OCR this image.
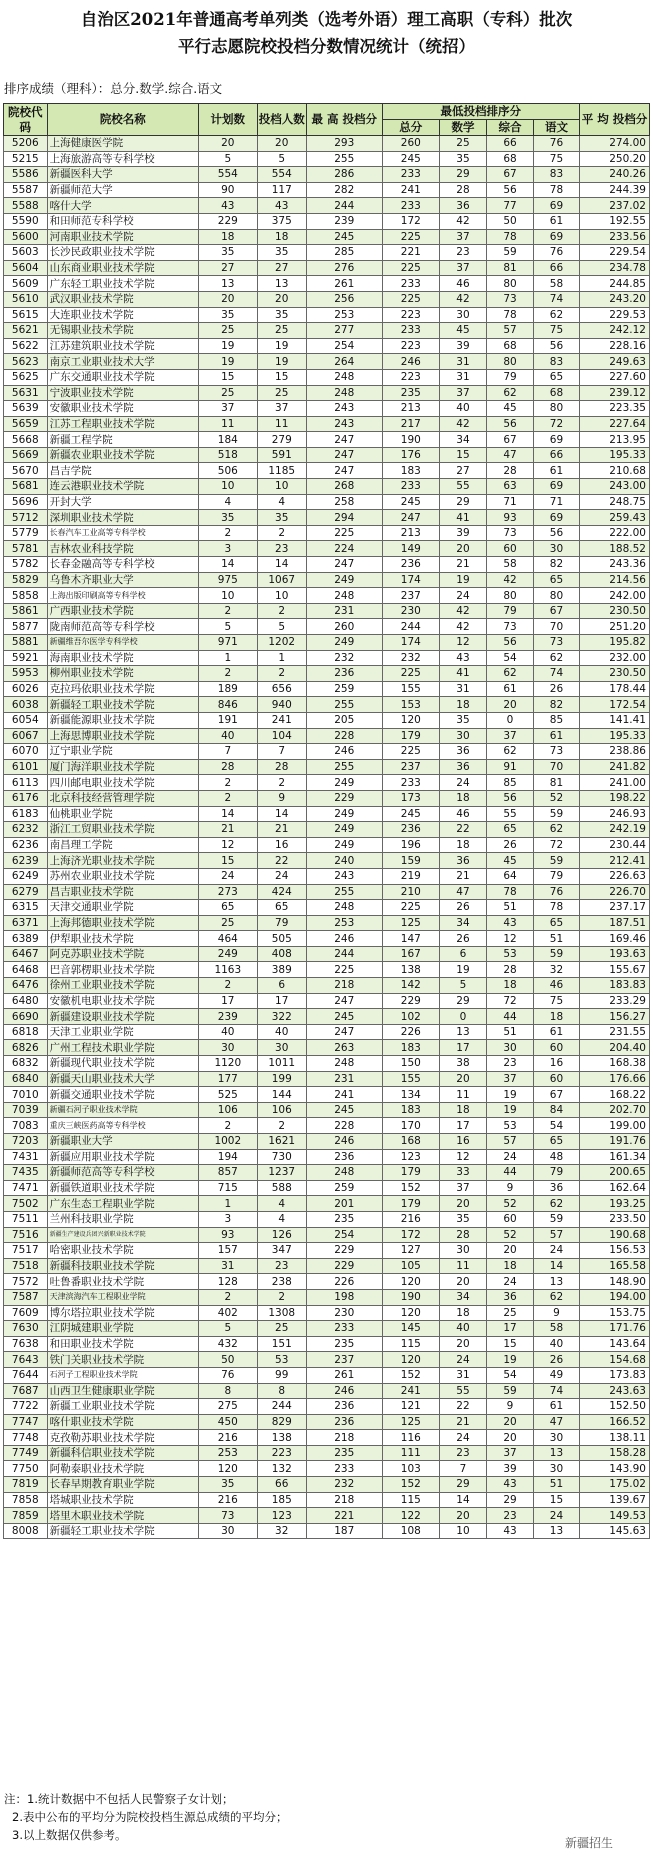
自治区2021年普通高考单列类（选考外语）理工高职（专科）批次
平行志愿院校投档分数情况统计（统招）
排序成绩（理科）：总分.数学.综合.语文
院校代码	院校名称	计划数	投档人数	最 高 投档分	最低投档排序分				平 均 投档分
					总分	数学	综合	语文	
5206	上海健康医学院	20	20	293	260	25	66	76	274.00
5215	上海旅游高等专科学校	5	5	255	245	35	68	75	250.20
5586	新疆医科大学	554	554	286	233	29	67	83	240.26
5587	新疆师范大学	90	117	282	241	28	56	78	244.39
5588	喀什大学	43	43	244	233	36	77	69	237.02
5590	和田师范专科学校	229	375	239	172	42	50	61	192.55
5600	河南职业技术学院	18	18	245	225	37	78	69	233.56
5603	长沙民政职业技术学院	35	35	285	221	23	59	76	229.54
5604	山东商业职业技术学院	27	27	276	225	37	81	66	234.78
5609	广东轻工职业技术学院	13	13	261	233	46	80	58	244.85
5610	武汉职业技术学院	20	20	256	225	42	73	74	243.20
5615	大连职业技术学院	35	35	253	223	30	78	62	229.53
5621	无锡职业技术学院	25	25	277	233	45	57	75	242.12
5622	江苏建筑职业技术学院	19	19	254	223	39	68	56	228.16
5623	南京工业职业技术大学	19	19	264	246	31	80	83	249.63
5625	广东交通职业技术学院	15	15	248	223	31	79	65	227.60
5631	宁波职业技术学院	25	25	248	235	37	62	68	239.12
5639	安徽职业技术学院	37	37	243	213	40	45	80	223.35
5659	江苏工程职业技术学院	11	11	243	217	42	56	72	227.64
5668	新疆工程学院	184	279	247	190	34	67	69	213.95
5669	新疆农业职业技术学院	518	591	247	176	15	47	66	195.33
5670	昌吉学院	506	1185	247	183	27	28	61	210.68
5681	连云港职业技术学院	10	10	268	233	55	63	69	243.00
5696	开封大学	4	4	258	245	29	71	71	248.75
5712	深圳职业技术学院	35	35	294	247	41	93	69	259.43
5779	长春汽车工业高等专科学校	2	2	225	213	39	73	56	222.00
5781	吉林农业科技学院	3	23	224	149	20	60	30	188.52
5782	长春金融高等专科学校	14	14	247	236	21	58	82	243.36
5829	乌鲁木齐职业大学	975	1067	249	174	19	42	65	214.56
5858	上海出版印刷高等专科学校	10	10	248	237	24	80	80	242.00
5861	广西职业技术学院	2	2	231	230	42	79	67	230.50
5877	陇南师范高等专科学校	5	5	260	244	42	73	70	251.20
5881	新疆维吾尔医学专科学校	971	1202	249	174	12	56	73	195.82
5921	海南职业技术学院	1	1	232	232	43	54	62	232.00
5953	柳州职业技术学院	2	2	236	225	41	62	74	230.50
6026	克拉玛依职业技术学院	189	656	259	155	31	61	26	178.44
6038	新疆轻工职业技术学院	846	940	255	153	18	20	82	172.54
6054	新疆能源职业技术学院	191	241	205	120	35	0	85	141.41
6067	上海思博职业技术学院	40	104	228	179	30	37	61	195.33
6070	辽宁职业学院	7	7	246	225	36	62	73	238.86
6101	厦门海洋职业技术学院	28	28	255	237	36	91	70	241.82
6113	四川邮电职业技术学院	2	2	249	233	24	85	81	241.00
6176	北京科技经营管理学院	2	9	229	173	18	56	52	198.22
6183	仙桃职业学院	14	14	249	245	46	55	59	246.93
6232	浙江工贸职业技术学院	21	21	249	236	22	65	62	242.19
6236	南昌理工学院	12	16	249	196	18	26	72	230.44
6239	上海济光职业技术学院	15	22	240	159	36	45	59	212.41
6249	苏州农业职业技术学院	24	24	243	219	21	64	79	226.63
6279	昌吉职业技术学院	273	424	255	210	47	78	76	226.70
6315	天津交通职业学院	65	65	248	225	26	51	78	237.17
6371	上海邦德职业技术学院	25	79	253	125	34	43	65	187.51
6389	伊犁职业技术学院	464	505	246	147	26	12	51	169.46
6467	阿克苏职业技术学院	249	408	244	167	6	53	59	193.63
6468	巴音郭楞职业技术学院	1163	389	225	138	19	28	32	155.67
6476	徐州工业职业技术学院	2	6	218	142	5	18	46	183.83
6480	安徽机电职业技术学院	17	17	247	229	29	72	75	233.29
6690	新疆建设职业技术学院	239	322	245	102	0	44	18	156.27
6818	天津工业职业学院	40	40	247	226	13	51	61	231.55
6826	广州工程技术职业学院	30	30	263	183	17	30	60	204.40
6832	新疆现代职业技术学院	1120	1011	248	150	38	23	16	168.38
6840	新疆天山职业技术大学	177	199	231	155	20	37	60	176.66
7010	新疆交通职业技术学院	525	144	241	134	11	19	67	168.22
7039	新疆石河子职业技术学院	106	106	245	183	18	19	84	202.70
7083	重庆三峡医药高等专科学校	2	2	228	170	17	53	54	199.00
7203	新疆职业大学	1002	1621	246	168	16	57	65	191.76
7431	新疆应用职业技术学院	194	730	236	123	12	24	48	161.34
7435	新疆师范高等专科学校	857	1237	248	179	33	44	79	200.65
7471	新疆铁道职业技术学院	715	588	259	152	37	9	36	162.64
7502	广东生态工程职业学院	1	4	201	179	20	52	62	193.25
7511	兰州科技职业学院	3	4	235	216	35	60	59	233.50
7516	新疆生产建设兵团兴新职业技术学院	93	126	254	172	28	52	57	190.68
7517	哈密职业技术学院	157	347	229	127	30	20	24	156.53
7518	新疆科技职业技术学院	31	23	229	105	11	18	14	165.58
7572	吐鲁番职业技术学院	128	238	226	120	20	24	13	148.90
7587	天津滨海汽车工程职业学院	2	2	198	190	34	36	62	194.00
7609	博尔塔拉职业技术学院	402	1308	230	120	18	25	9	153.75
7630	江阴城建职业学院	5	25	233	145	40	17	58	171.76
7638	和田职业技术学院	432	151	235	115	20	15	40	143.64
7643	铁门关职业技术学院	50	53	237	120	24	19	26	154.68
7644	石河子工程职业技术学院	76	99	261	152	31	54	49	173.83
7687	山西卫生健康职业学院	8	8	246	241	55	59	74	243.63
7722	新疆工业职业技术学院	275	244	236	121	22	9	61	152.50
7747	喀什职业技术学院	450	829	236	125	21	20	47	166.52
7748	克孜勒苏职业技术学院	216	138	218	116	24	20	30	138.11
7749	新疆科信职业技术学院	253	223	235	111	23	37	13	158.28
7750	阿勒泰职业技术学院	120	132	233	103	7	39	30	143.90
7819	长春早期教育职业学院	35	66	232	152	29	43	51	175.02
7858	塔城职业技术学院	216	185	218	115	14	29	15	139.67
7859	塔里木职业技术学院	73	123	221	122	20	23	24	149.53
8008	新疆轻工职业技术学院	30	32	187	108	10	43	13	145.63
注：1.统计数据中不包括人民警察子女计划；
2.表中公布的平均分为院校投档生源总成绩的平均分；
3.以上数据仅供参考。
新疆招生
